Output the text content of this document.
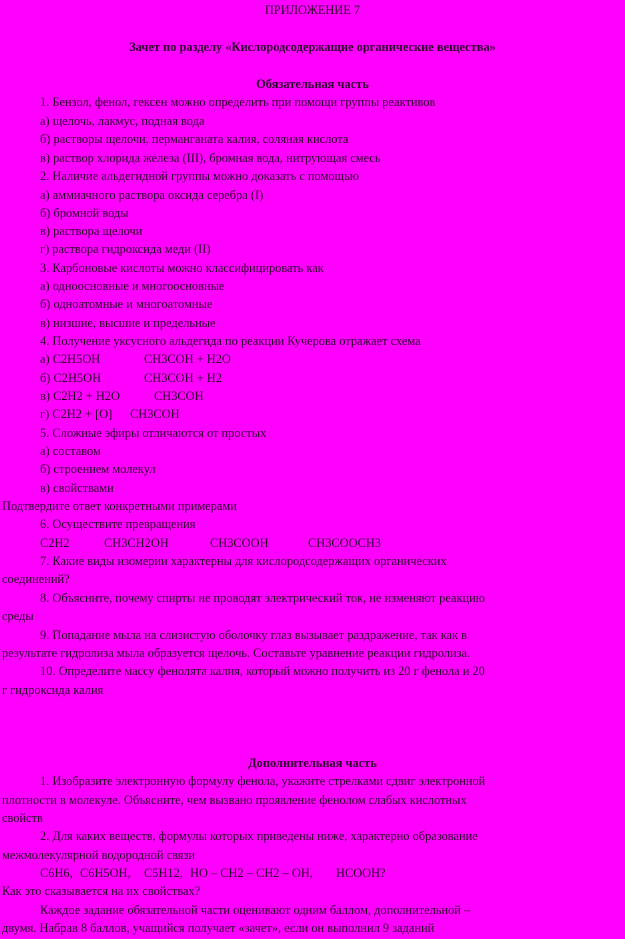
ПРИЛОЖЕНИЕ 7
Зачет по разделу «Кислородсодержащие органические вещества»
Обязательная часть
1. Бензол, фенол, гексен можно определить при помощи группы реактивов
а) щелочь, лакмус, подная вода
б) растворы щелочи, перманганата калия, соляная кислота
в) раствор хлорида железа (III), бромная вода, нитрующая смесь
2. Наличие альдегидной группы можно доказать с помощью
а) аммиачного раствора оксида серебра (I)
б) бромной воды
в) раствора щелочи
г) раствора гидроксида меди (II)
3. Карбоновые кислоты можно классифицировать как
а) одноосновные и многоосновные
б) одноатомные и многоатомные
в) низшие, высшие и предельные
4. Получение уксусного альдегида по реакции Кучерова отражает схема
а) C2H5OH	CH3COH + H2O
б) C2H5OH	CH3COH + H2
в) C2H2 + H2O	CH3COH
г) C2H2 + [O] CH3COH
5. Сложные эфиры отличаются от простых
а) составом
б) строением молекул
в) свойствами
Подтвердите ответ конкретными примерами
6. Осуществите превращения
C2H2	CH3CH2OH	CH3COOH	CH3COOCH3
7. Какие виды изомерии характерны для кислородсодержащих органических
соединений?
8. Объясните, почему спирты не проводят электрический ток, не изменяют реакцию
среды
9. Попадание мыла на слизистую оболочку глаз вызывает раздражение, так как в
результате гидролиза мыла образуется щелочь. Составьте уравнение реакции гидролиза.
10. Определите массу фенолята калия, который можно получить из 20 г фенола и 20
г гидроксида калия
Дополнительная часть
1. Изобразите электронную формулу фенола, укажите стрелками сдвиг электронной
плотности в молекуле. Объясните, чем вызвано проявление фенолом слабых кислотных
свойств
2. Для каких веществ, формулы которых приведены ниже, характерно образование
межмолекулярной водородной связи
C6H6, C6H5OH, C5H12, HO – CH2 – CH2 – OH, HCOOH?
Как это сказывается на их свойствах?
Каждое задание обязательной части оценивают одним баллом, дополнительной –
двумя. Набрав 8 баллов, учащийся получает «зачет», если он выполнил 9 заданий
